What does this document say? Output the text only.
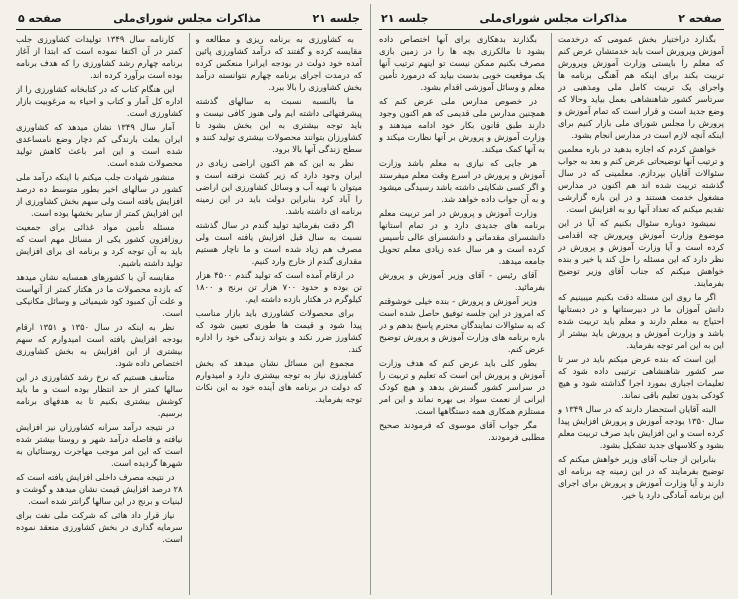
صفحه ۲
مذاکرات مجلس شورای‌ملی
جلسه ۲۱

بگذارد دراختیار بخش عمومی که درخدمت آموزش وپرورش است باید خدمتشان عرض کنم که معلم را بایستی وزارت آموزش وپرورش تربیت بکند برای اینکه هم آهنگی برنامه ها واجرای یک تربیت کامل ملی ومذهبی در سرتاسر کشور شاهنشاهی بعمل بیاید وحالا که وضع جدید است و قرار است که تمام آموزش و پرورش را مجلس شورای ملی بازار کنیم برای اینکه آنچه لازم است در مدارس انجام بشود.

خواهش کردم که اجازه بدهید در باره معلمین و ترتیب آنها توضیحاتی عرض کنم و بعد به جواب سئوالات آقایان بپردازم. معلمینی که در سال گذشته تربیت شده اند هم اکنون در مدارس مشغول خدمت هستند و در این باره گزارشی تقدیم میکنم که تعداد آنها رو به افزایش است.

نمیشود دوباره سئوال بکنیم که آیا در این موضوع وزارت آموزش وپرورش چه اقدامی کرده است و آیا وزارت آموزش و پرورش در نظر دارد که این مسئله را حل کند یا خیر و بنده خواهش میکنم که جناب آقای وزیر توضیح بفرمایند.

اگر ما روی این مسئله دقت بکنیم میبینیم که دانش آموزان ما در دبیرستانها و در دبستانها احتیاج به معلم دارند و معلم باید تربیت شده باشد و وزارت آموزش و پرورش باید بیشتر از این به این امر توجه بفرماید.

این است که بنده عرض میکنم باید در سر تا سر کشور شاهنشاهی ترتیبی داده شود که تعلیمات اجباری بمورد اجرا گذاشته شود و هیچ کودکی بدون تعلیم باقی نماند.

البته آقایان استحضار دارند که در سال ۱۳۴۹ و سال ۱۳۵۰ بودجه آموزش و پرورش افزایش پیدا کرده است و این افزایش باید صرف تربیت معلم بشود و کلاسهای جدید تشکیل بشود.

بنابراین از جناب آقای وزیر خواهش میکنم که توضیح بفرمایند که در این زمینه چه برنامه ای دارند و آیا وزارت آموزش و پرورش برای اجرای این برنامه آمادگی دارد یا خیر.

بگذارند بدهکاری برای آنها اختصاص داده بشود تا مالکرزی بچه ها را در زمین بازی مصرف بکنیم ممکن نیست تو اینهم ترتیب آنها یک موقعیت خوبی بدست بیاید که درمورد تأمین معلم و وسائل آموزشی اقدام بشود.

در خصوص مدارس ملی عرض کنم که همچنین مدارس ملی قدیمی که هم اکنون وجود دارند طبق قانون بکار خود ادامه میدهند و وزارت آموزش و پرورش بر آنها نظارت میکند و به آنها کمک میکند.

هر جایی که نیازی به معلم باشد وزارت آموزش و پرورش در اسرع وقت معلم میفرستد و اگر کسی شکایتی داشته باشد رسیدگی میشود و به آن جواب داده خواهد شد.

وزارت آموزش و پرورش در امر تربیت معلم برنامه های جدیدی دارد و در تمام استانها دانشسرای مقدماتی و دانشسرای عالی تأسیس کرده است و هر سال عده زیادی معلم تحویل جامعه میدهد.

آقای رئیس - آقای وزیر آموزش و پرورش بفرمائید.

وزیر آموزش و پرورش - بنده خیلی خوشوقتم که امروز در این جلسه توفیق حاصل شده است که به سئوالات نمایندگان محترم پاسخ بدهم و در باره برنامه های وزارت آموزش و پرورش توضیح عرض کنم.

بطور کلی باید عرض کنم که هدف وزارت آموزش و پرورش این است که تعلیم و تربیت را در سراسر کشور گسترش بدهد و هیچ کودک ایرانی از نعمت سواد بی بهره نماند و این امر مستلزم همکاری همه دستگاهها است.

مگر جواب آقای موسوی که فرمودند صحیح مطلبی فرمودند.

جلسه ۲۱
مذاکرات مجلس شورای‌ملی
صفحه ۵

به کشاورزی به برنامه ریزی و مطالعه و مقایسه کرده و گفتند که درآمد کشاورزی پائین آمده خود دولت در بودجه ایرانرا منعکس کرده که درمدت اجرای برنامه چهارم نتوانسته درآمد بخش کشاورزی را بالا ببرد.

ما بالنسبه نسبت به سالهای گذشته پیشرفتهائی داشته ایم ولی هنوز کافی نیست و باید توجه بیشتری به این بخش بشود تا کشاورزان بتوانند محصولات بیشتری تولید کنند و سطح زندگی آنها بالا برود.

نظر به این که هم اکنون اراضی زیادی در ایران وجود دارد که زیر کشت نرفته است و میتوان با تهیه آب و وسائل کشاورزی این اراضی را آباد کرد بنابراین دولت باید در این زمینه برنامه ای داشته باشد.

اگر دقت بفرمائید تولید گندم در سال گذشته نسبت به سال قبل افزایش یافته است ولی مصرف هم زیاد شده است و ما ناچار هستیم مقداری گندم از خارج وارد کنیم.

در ارقام آمده است که تولید گندم ۴۵۰۰ هزار تن بوده و حدود ۷۰۰ هزار تن برنج و ۱۸۰۰ کیلوگرم در هکتار بازده داشته ایم.

برای محصولات کشاورزی باید بازار مناسب پیدا شود و قیمت ها طوری تعیین شود که کشاورز ضرر نکند و بتواند زندگی خود را اداره کند.

مجموع این مسائل نشان میدهد که بخش کشاورزی نیاز به توجه بیشتری دارد و امیدوارم که دولت در برنامه های آینده خود به این نکات توجه بفرماید.

کارنامه سال ۱۳۴۹ تولیدات کشاورزی جلب کمتر در آن اکتفا نموده است که ابتدا از آغاز برنامه چهارم رشد کشاورزی را که هدف برنامه بوده است برآورد کرده اند.

این هنگام کتاب که در کتابخانه کشاورزی را از اداره کل آمار و کتاب و احیاء به مرغوبیت بازار کشاورزی است.

آمار سال ۱۳۴۹ نشان میدهد که کشاورزی ایران بعلت بارندگی کم دچار وضع نامساعدی شده است و این امر باعث کاهش تولید محصولات شده است.

منشور شهادت جلب میکنم با اینکه درآمد ملی کشور در سالهای اخیر بطور متوسط ده درصد افزایش یافته است ولی سهم بخش کشاورزی از این افزایش کمتر از سایر بخشها بوده است.

مسئله تأمین مواد غذائی برای جمعیت روزافزون کشور یکی از مسائل مهم است که باید به آن توجه کرد و برنامه ای برای افزایش تولید داشته باشیم.

مقایسه آن با کشورهای همسایه نشان میدهد که بازده محصولات ما در هکتار کمتر از آنهاست و علت آن کمبود کود شیمیائی و وسائل مکانیکی است.

نظر به اینکه در سال ۱۳۵۰ و ۱۳۵۱ ارقام بودجه افزایش یافته است امیدوارم که سهم بیشتری از این افزایش به بخش کشاورزی اختصاص داده شود.

متأسف هستیم که نرخ رشد کشاورزی در این سالها کمتر از حد انتظار بوده است و ما باید کوشش بیشتری بکنیم تا به هدفهای برنامه برسیم.

در نتیجه درآمد سرانه کشاورزان نیز افزایش نیافته و فاصله درآمد شهر و روستا بیشتر شده است که این امر موجب مهاجرت روستائیان به شهرها گردیده است.

در نتیجه مصرف داخلی افزایش یافته است که ۲۸ درصد افزایش قیمت نشان میدهد و گوشت و لبنیات و برنج در این سالها گرانتر شده است.

نیاز قرار داد هائی که شرکت ملی نفت برای سرمایه گذاری در بخش کشاورزی منعقد نموده است.
